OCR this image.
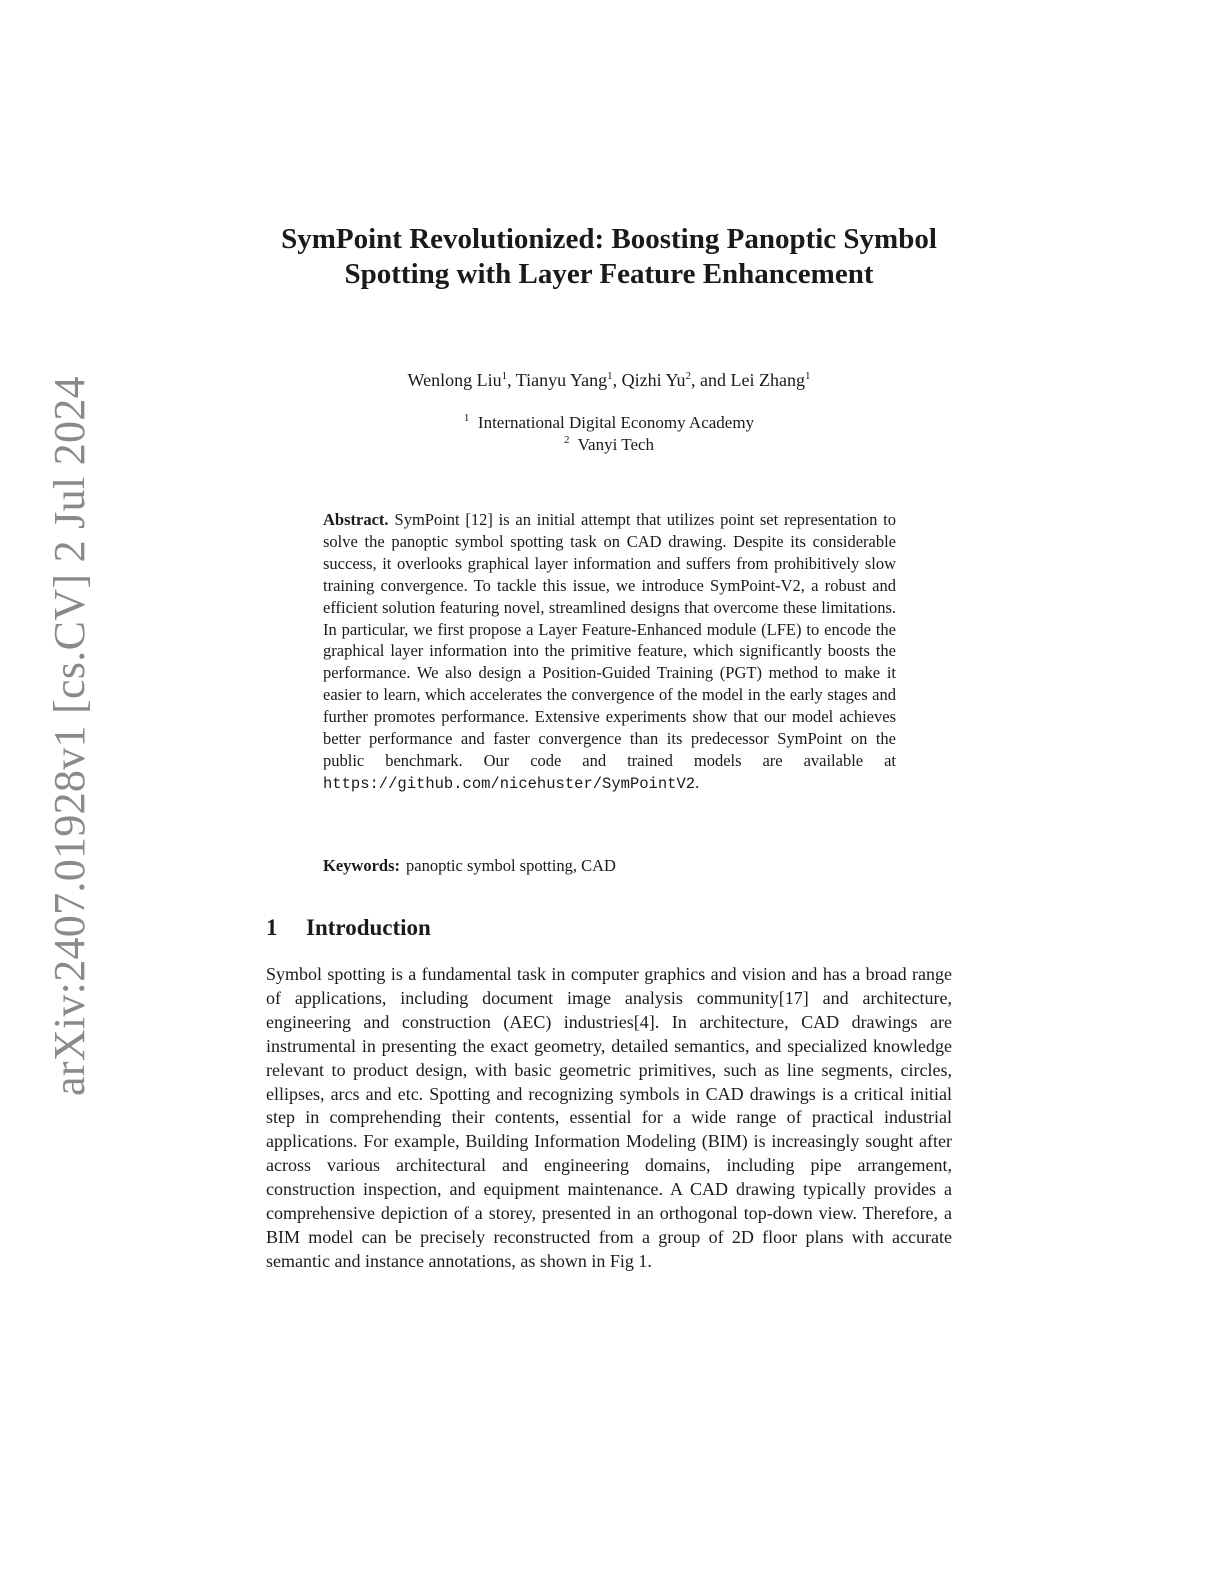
arXiv:2407.01928v1 [cs.CV] 2 Jul 2024
SymPoint Revolutionized: Boosting Panoptic Symbol Spotting with Layer Feature Enhancement
Wenlong Liu$^1$, Tianyu Yang$^1$, Qizhi Yu$^2$, and Lei Zhang$^1$
$^1$ International Digital Economy Academy
$^2$ Vanyi Tech
Abstract. SymPoint [12] is an initial attempt that utilizes point set representation to solve the panoptic symbol spotting task on CAD drawing. Despite its considerable success, it overlooks graphical layer information and suffers from prohibitively slow training convergence. To tackle this issue, we introduce SymPoint-V2, a robust and efficient solution featuring novel, streamlined designs that overcome these limitations. In particular, we first propose a Layer Feature-Enhanced module (LFE) to encode the graphical layer information into the primitive feature, which significantly boosts the performance. We also design a Position-Guided Training (PGT) method to make it easier to learn, which accelerates the convergence of the model in the early stages and further promotes performance. Extensive experiments show that our model achieves better performance and faster convergence than its predecessor SymPoint on the public benchmark. Our code and trained models are available at https://github.com/nicehuster/SymPointV2.
Keywords: panoptic symbol spotting, CAD
1 Introduction

Symbol spotting is a fundamental task in computer graphics and vision and has a broad range of applications, including document image analysis community[17] and architecture, engineering and construction (AEC) industries[4]. In architecture, CAD drawings are instrumental in presenting the exact geometry, detailed semantics, and specialized knowledge relevant to product design, with basic geometric primitives, such as line segments, circles, ellipses, arcs and etc. Spotting and recognizing symbols in CAD drawings is a critical initial step in comprehending their contents, essential for a wide range of practical industrial applications. For example, Building Information Modeling (BIM) is increasingly sought after across various architectural and engineering domains, including pipe arrangement, construction inspection, and equipment maintenance. A CAD drawing typically provides a comprehensive depiction of a storey, presented in an orthogonal top-down view. Therefore, a BIM model can be precisely reconstructed from a group of 2D floor plans with accurate semantic and instance annotations, as shown in Fig 1.
